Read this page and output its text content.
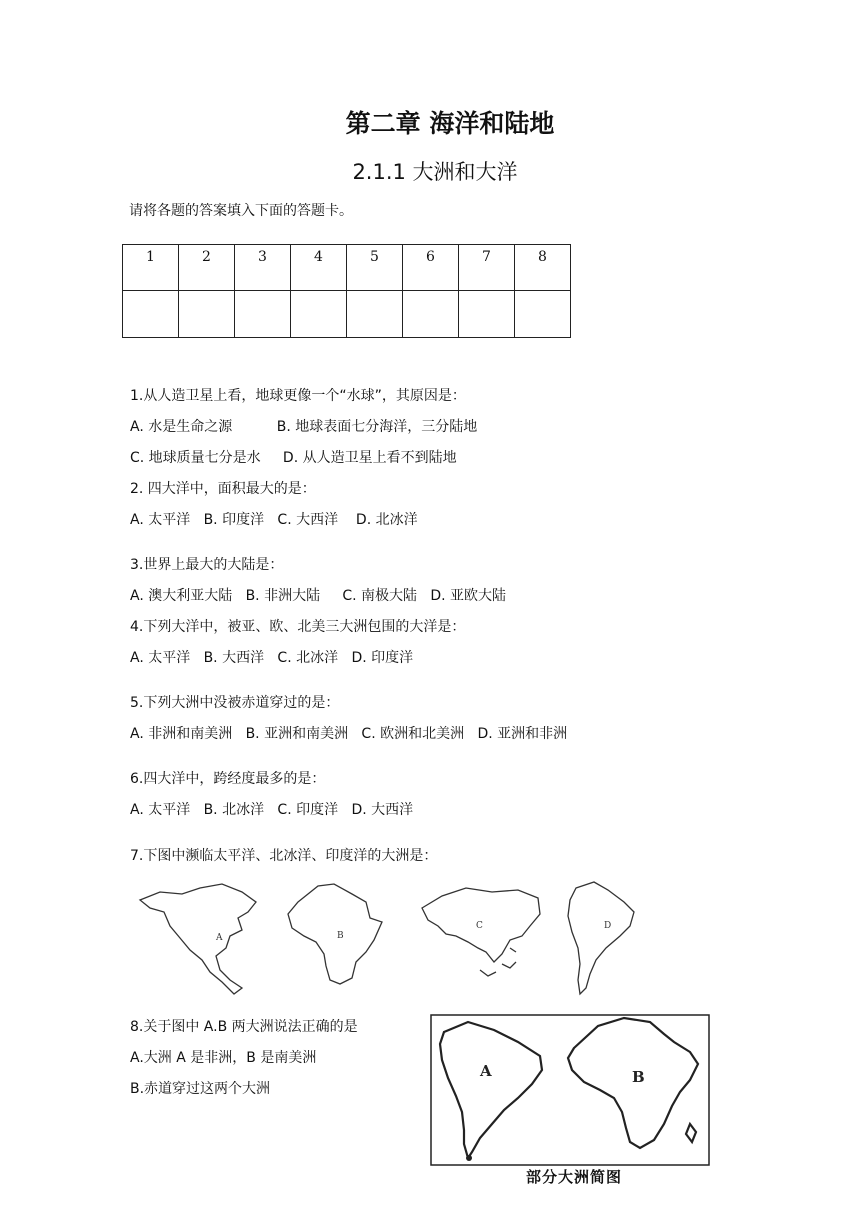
第二章 海洋和陆地
2.1.1 大洲和大洋
请将各题的答案填入下面的答题卡。
1	2	3	4	5	6	7	8

1.从人造卫星上看，地球更像一个“水球”，其原因是：
A. 水是生命之源          B. 地球表面七分海洋，三分陆地
C. 地球质量七分是水     D. 从人造卫星上看不到陆地
2. 四大洋中，面积最大的是：
A. 太平洋   B. 印度洋   C. 大西洋    D. 北冰洋
3.世界上最大的大陆是：
A. 澳大利亚大陆   B. 非洲大陆     C. 南极大陆   D. 亚欧大陆
4.下列大洋中，被亚、欧、北美三大洲包围的大洋是：
A. 太平洋   B. 大西洋   C. 北冰洋   D. 印度洋
5.下列大洲中没被赤道穿过的是：
A. 非洲和南美洲   B. 亚洲和南美洲   C. 欧洲和北美洲   D. 亚洲和非洲
6.四大洋中，跨经度最多的是：
A. 太平洋   B. 北冰洋   C. 印度洋   D. 大西洋
7.下图中濒临太平洋、北冰洋、印度洋的大洲是：
A	B
C	D
8.关于图中 A.B 两大洲说法正确的是
A.大洲 A 是非洲，B 是南美洲
B.赤道穿过这两个大洲
A	B
部分大洲简图
